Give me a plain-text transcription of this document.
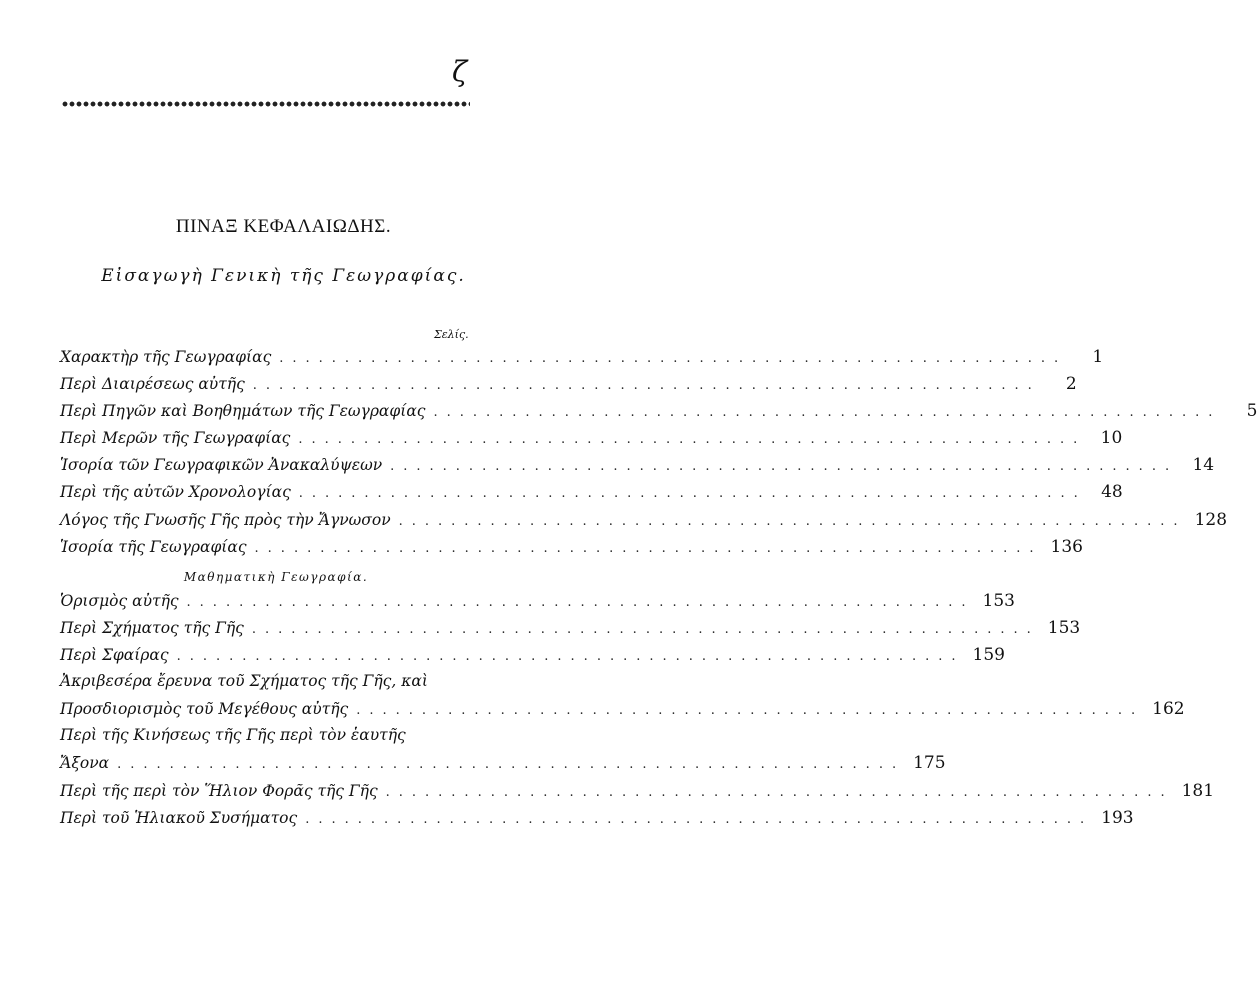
ζ
ΠΙΝΑΞ ΚΕΦΑΛΑΙΩΔΗΣ.
Εἰσαγωγὴ Γενικὴ τῆς Γεωγραφίας.
Σελίς.
Χαρακτὴρ τῆς Γεωγραφίας ............................................................	1
Περὶ Διαιρέσεως αὐτῆς ............................................................	2
Περὶ Πηγῶν καὶ Βοηθημάτων τῆς Γεωγραφίας ............................................................	5
Περὶ Μερῶν τῆς Γεωγραφίας ............................................................ 10
Ἱσορία τῶν Γεωγραφικῶν Ἀνακαλύψεων ............................................................ 14
Περὶ τῆς αὐτῶν Χρονολογίας ............................................................ 48
Λόγος τῆς Γνωσῆς Γῆς πρὸς τὴν Ἄγνωσον ............................................................ 128
Ἱσορία τῆς Γεωγραφίας ............................................................ 136
Μαθηματικὴ Γεωγραφία.
Ὁρισμὸς αὐτῆς ............................................................ 153
Περὶ Σχήματος τῆς Γῆς ............................................................ 153
Περὶ Σφαίρας ............................................................ 159
Ἀκριβεσέρα ἔρευνα τοῦ Σχήματος τῆς Γῆς, καὶ
Προσδιορισμὸς τοῦ Μεγέθους αὐτῆς ............................................................ 162
Περὶ τῆς Κινήσεως τῆς Γῆς περὶ τὸν ἑαυτῆς
Ἄξονα ............................................................ 175
Περὶ τῆς περὶ τὸν Ἥλιον Φορᾶς τῆς Γῆς ............................................................ 181
Περὶ τοῦ Ἡλιακοῦ Συσήματος ............................................................ 193
